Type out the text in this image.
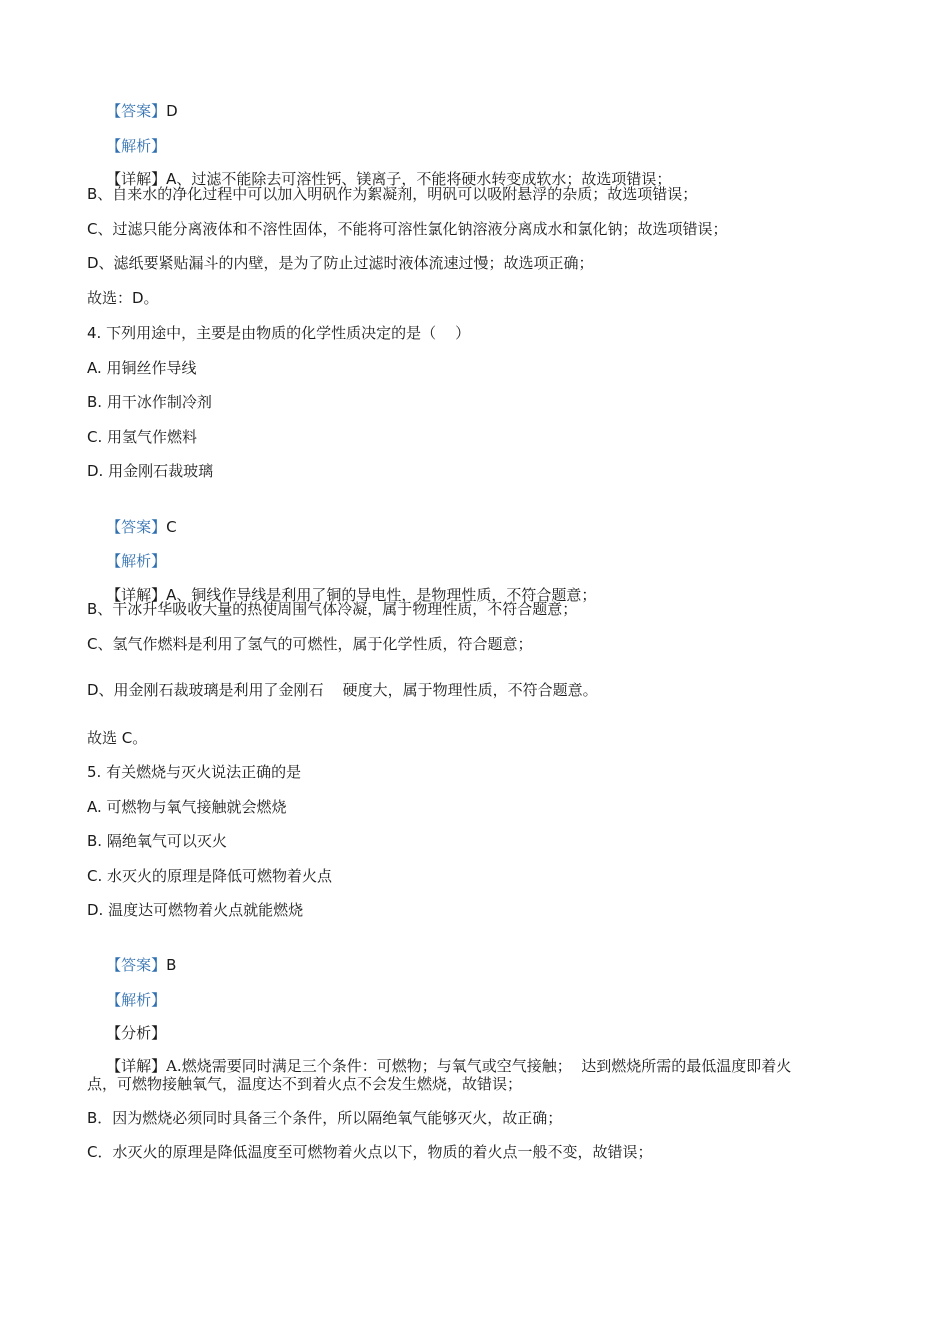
【答案】D

【解析】

【详解】A、过滤不能除去可溶性钙、镁离子，不能将硬水转变成软水；故选项错误；

B、自来水的净化过程中可以加入明矾作为絮凝剂，明矾可以吸附悬浮的杂质；故选项错误；
C、过滤只能分离液体和不溶性固体，不能将可溶性氯化钠溶液分离成水和氯化钠；故选项错误；
D、滤纸要紧贴漏斗的内壁，是为了防止过滤时液体流速过慢；故选项正确；
故选：D。
4. 下列用途中，主要是由物质的化学性质决定的是（    ）
A. 用铜丝作导线
B. 用干冰作制冷剂
C. 用氢气作燃料
D. 用金刚石裁玻璃

【答案】C

【解析】

【详解】A、铜线作导线是利用了铜的导电性，是物理性质，不符合题意；

B、干冰升华吸收大量的热使周围气体冷凝，属于物理性质，不符合题意；
C、氢气作燃料是利用了氢气的可燃性，属于化学性质，符合题意；
D、用金刚石裁玻璃是利用了金刚石    硬度大，属于物理性质，不符合题意。
故选 C。
5. 有关燃烧与灭火说法正确的是
A. 可燃物与氧气接触就会燃烧
B. 隔绝氧气可以灭火
C. 水灭火的原理是降低可燃物着火点
D. 温度达可燃物着火点就能燃烧

【答案】B

【解析】

【分析】

【详解】A.燃烧需要同时满足三个条件：可燃物；与氧气或空气接触；  达到燃烧所需的最低温度即着火

点，可燃物接触氧气，温度达不到着火点不会发生燃烧，故错误；
B．因为燃烧必须同时具备三个条件，所以隔绝氧气能够灭火，故正确；
C．水灭火的原理是降低温度至可燃物着火点以下，物质的着火点一般不变，故错误；
